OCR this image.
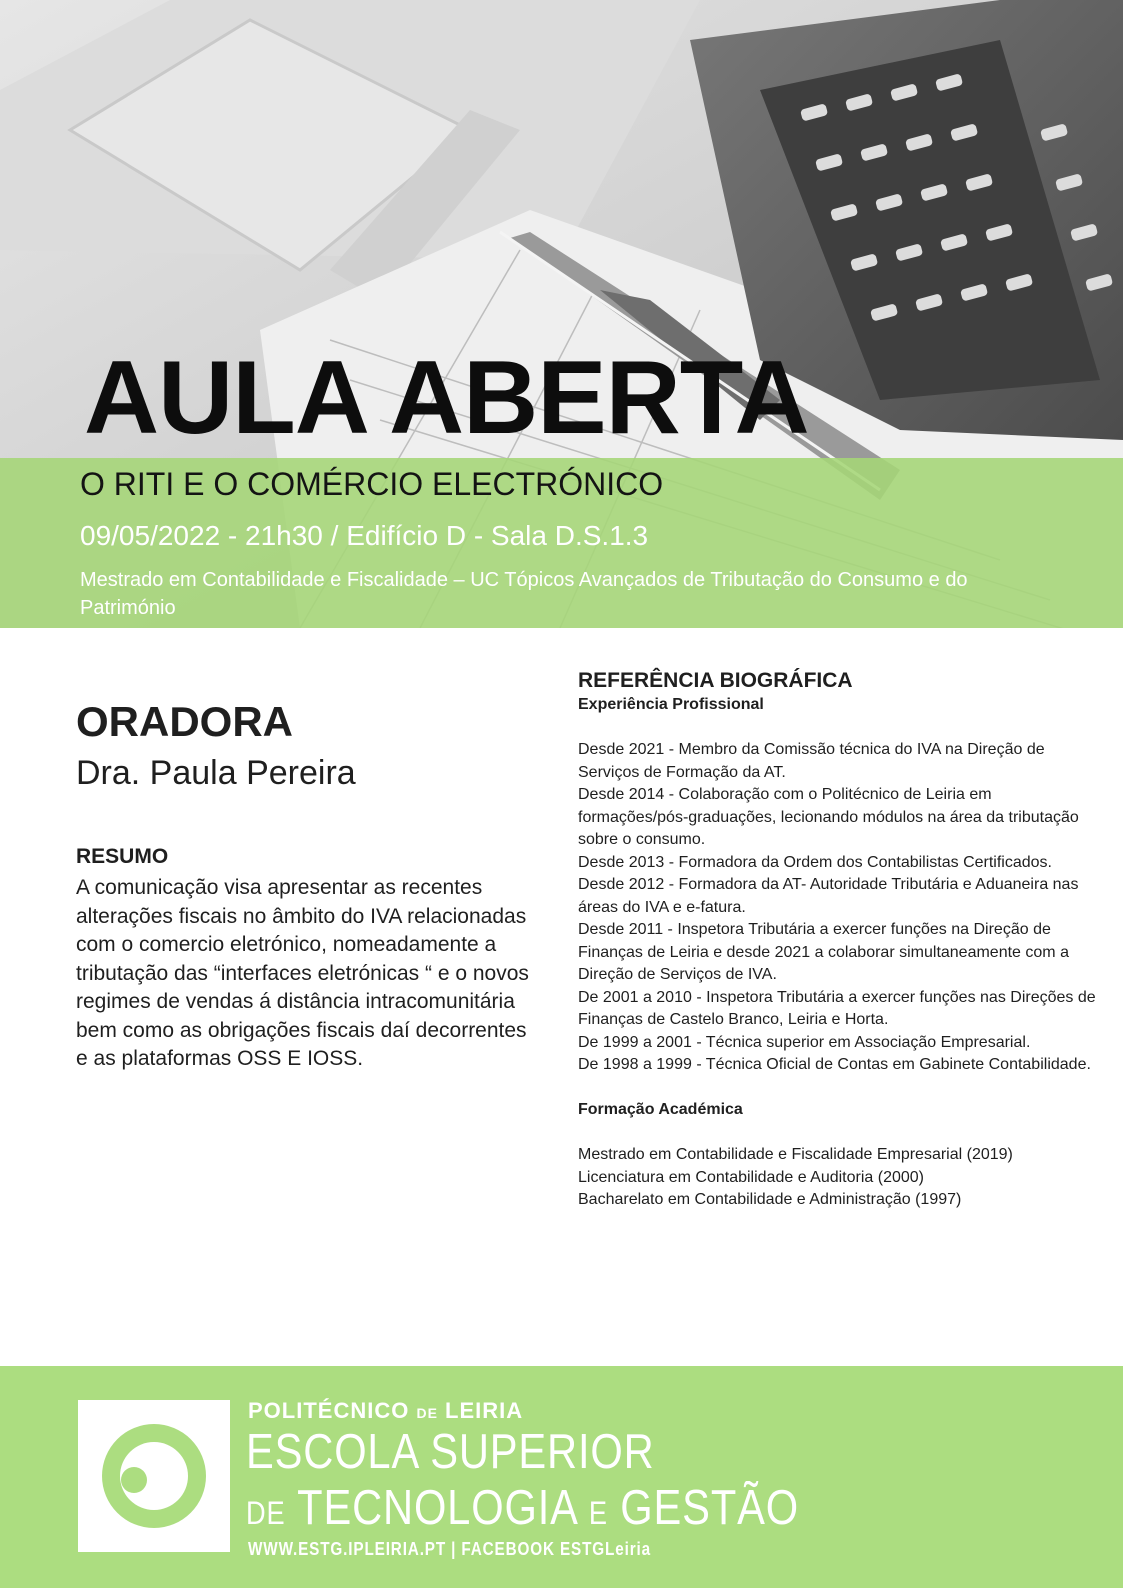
AULA ABERTA
O RITI E O COMÉRCIO ELECTRÓNICO
09/05/2022 - 21h30 / Edifício D - Sala D.S.1.3
Mestrado em Contabilidade e Fiscalidade – UC Tópicos Avançados de Tributação do Consumo e do Património
ORADORA
Dra. Paula Pereira
RESUMO
A comunicação visa apresentar as recentes alterações fiscais no âmbito do IVA relacionadas com o comercio eletrónico, nomeadamente a tributação das “interfaces eletrónicas “ e o novos regimes de vendas á distância intracomunitária bem como as obrigações fiscais daí decorrentes e as plataformas OSS E IOSS.
REFERÊNCIA BIOGRÁFICA
Experiência Profissional
Desde 2021 - Membro da Comissão técnica do IVA na Direção de Serviços de Formação da AT.
Desde 2014 - Colaboração com o Politécnico de Leiria em formações/pós-graduações, lecionando módulos na área da tributação sobre o consumo.
Desde 2013 - Formadora da Ordem dos Contabilistas Certificados.
Desde 2012 - Formadora da AT- Autoridade Tributária e Aduaneira nas áreas do IVA e e-fatura.
Desde 2011 - Inspetora Tributária a exercer funções na Direção de Finanças de Leiria e desde 2021 a colaborar simultaneamente com a Direção de Serviços de IVA.
De 2001 a 2010 - Inspetora Tributária a exercer funções nas Direções de Finanças de Castelo Branco, Leiria e Horta.
De 1999 a 2001 - Técnica superior em Associação Empresarial.
De 1998 a 1999 - Técnica Oficial de Contas em Gabinete Contabilidade.
Formação Académica
Mestrado em Contabilidade e Fiscalidade Empresarial (2019)
Licenciatura em Contabilidade e Auditoria (2000)
Bacharelato em Contabilidade e Administração (1997)
POLITÉCNICO DE LEIRIA
ESCOLA SUPERIOR
DE TECNOLOGIA E GESTÃO
WWW.ESTG.IPLEIRIA.PT | FACEBOOK ESTGLeiria
